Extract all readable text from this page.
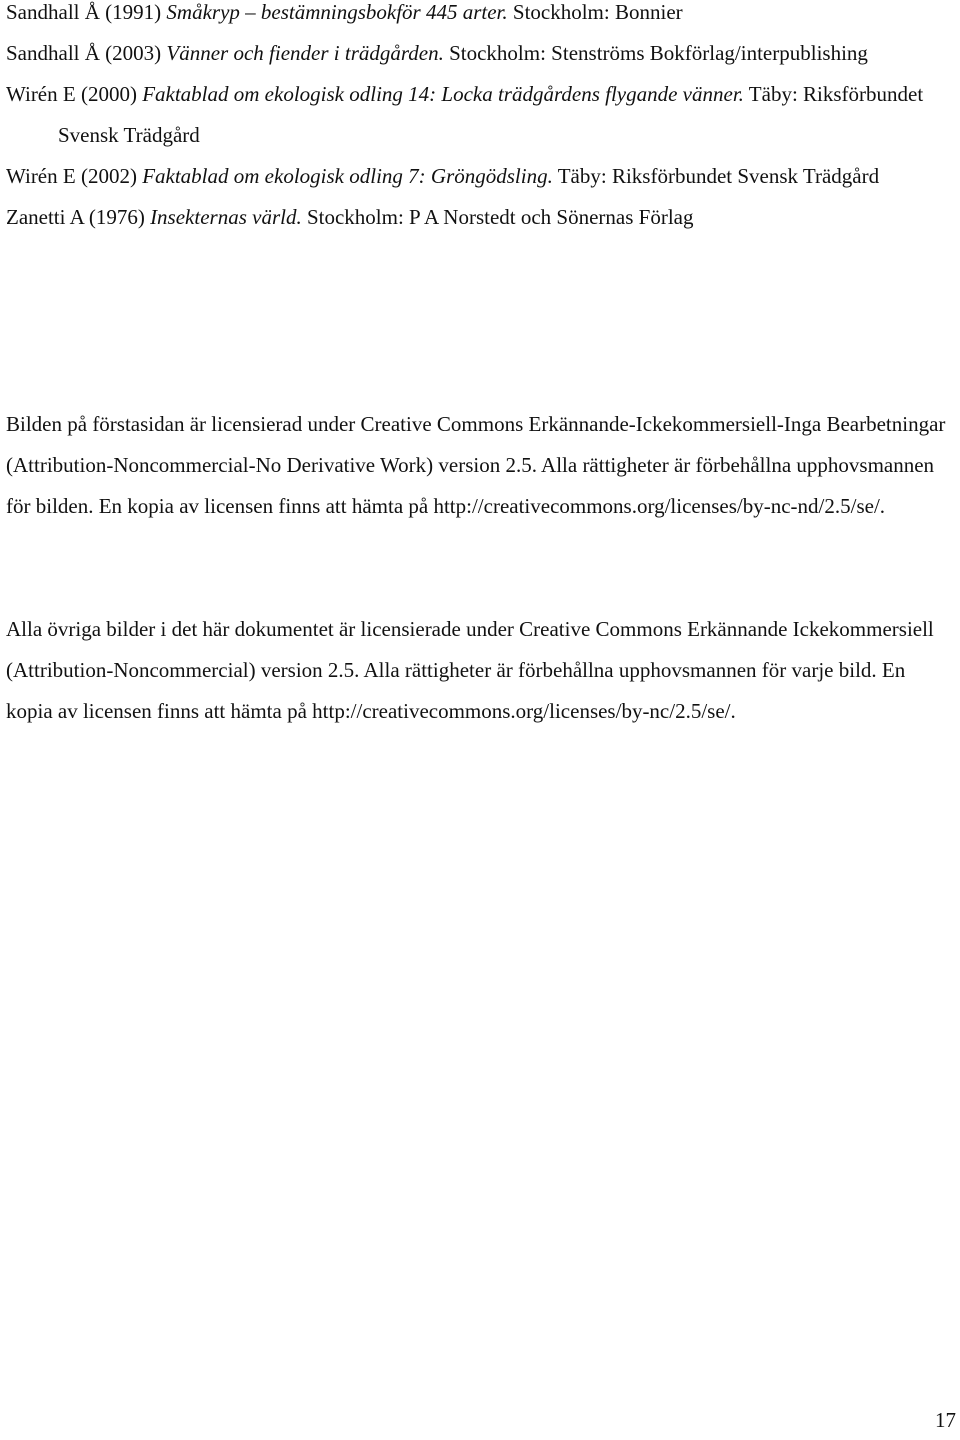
Sandhall Å (1991) Småkryp – bestämningsbokför 445 arter. Stockholm: Bonnier

Sandhall Å (2003) Vänner och fiender i trädgården. Stockholm: Stenströms Bokförlag/interpublishing

Wirén E (2000) Faktablad om ekologisk odling 14: Locka trädgårdens flygande vänner. Täby: Riksförbundet Svensk Trädgård

Wirén E (2002) Faktablad om ekologisk odling 7: Gröngödsling. Täby: Riksförbundet Svensk Trädgård

Zanetti A (1976) Insekternas värld. Stockholm: P A Norstedt och Sönernas Förlag

Bilden på förstasidan är licensierad under Creative Commons Erkännande-Ickekommersiell-Inga Bearbetningar (Attribution-Noncommercial-No Derivative Work) version 2.5. Alla rättigheter är förbehållna upphovsmannen för bilden. En kopia av licensen finns att hämta på http://creativecommons.org/licenses/by-nc-nd/2.5/se/.

Alla övriga bilder i det här dokumentet är licensierade under Creative Commons Erkännande Ickekommersiell (Attribution-Noncommercial) version 2.5. Alla rättigheter är förbehållna upphovsmannen för varje bild. En kopia av licensen finns att hämta på http://creativecommons.org/licenses/by-nc/2.5/se/.

17
